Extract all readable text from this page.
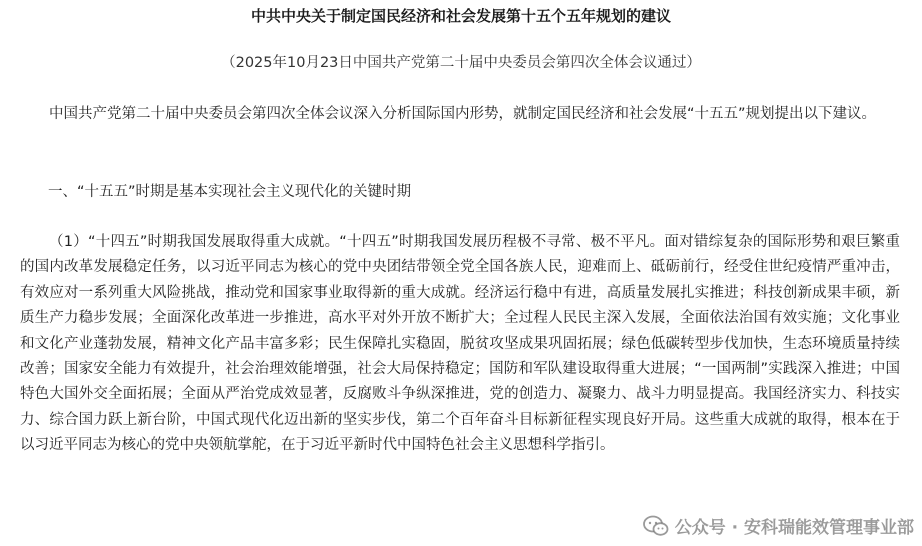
中共中央关于制定国民经济和社会发展第十五个五年规划的建议
（2025年10月23日中国共产党第二十届中央委员会第四次全体会议通过）

中国共产党第二十届中央委员会第四次全体会议深入分析国际国内形势，就制定国民经济和社会发展“十五五”规划提出以下建议。

一、“十五五”时期是基本实现社会主义现代化的关键时期

（1）“十四五”时期我国发展取得重大成就。“十四五”时期我国发展历程极不寻常、极不平凡。面对错综复杂的国际形势和艰巨繁重的国内改革发展稳定任务，以习近平同志为核心的党中央团结带领全党全国各族人民，迎难而上、砥砺前行，经受住世纪疫情严重冲击，有效应对一系列重大风险挑战，推动党和国家事业取得新的重大成就。经济运行稳中有进，高质量发展扎实推进；科技创新成果丰硕，新质生产力稳步发展；全面深化改革进一步推进，高水平对外开放不断扩大；全过程人民民主深入发展，全面依法治国有效实施；文化事业和文化产业蓬勃发展，精神文化产品丰富多彩；民生保障扎实稳固，脱贫攻坚成果巩固拓展；绿色低碳转型步伐加快，生态环境质量持续改善；国家安全能力有效提升，社会治理效能增强，社会大局保持稳定；国防和军队建设取得重大进展；“一国两制”实践深入推进；中国特色大国外交全面拓展；全面从严治党成效显著，反腐败斗争纵深推进，党的创造力、凝聚力、战斗力明显提高。我国经济实力、科技实力、综合国力跃上新台阶，中国式现代化迈出新的坚实步伐，第二个百年奋斗目标新征程实现良好开局。这些重大成就的取得，根本在于以习近平同志为核心的党中央领航掌舵，在于习近平新时代中国特色社会主义思想科学指引。

公众号 · 安科瑞能效管理事业部
